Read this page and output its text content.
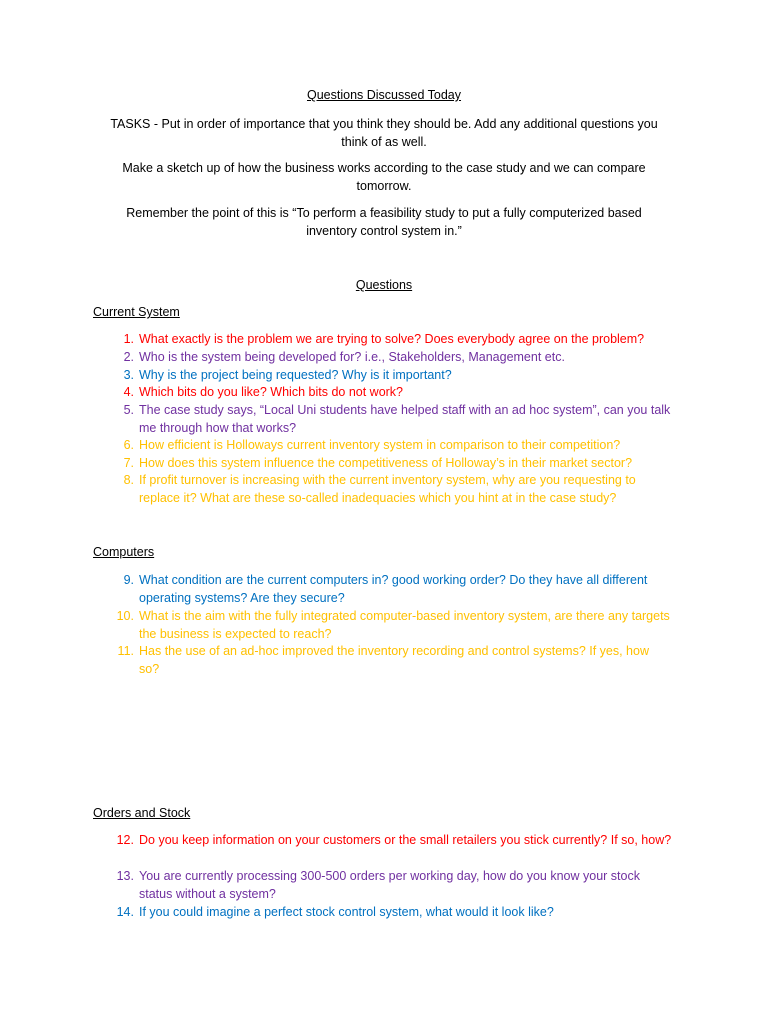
Questions Discussed Today
TASKS - Put in order of importance that you think they should be. Add any additional questions you think of as well.
Make a sketch up of how the business works according to the case study and we can compare tomorrow.
Remember the point of this is “To perform a feasibility study to put a fully computerized based inventory control system in.”
Questions
Current System
1. What exactly is the problem we are trying to solve? Does everybody agree on the problem?
2. Who is the system being developed for? i.e., Stakeholders, Management etc.
3. Why is the project being requested? Why is it important?
4. Which bits do you like? Which bits do not work?
5. The case study says, “Local Uni students have helped staff with an ad hoc system”, can you talk me through how that works?
6. How efficient is Holloways current inventory system in comparison to their competition?
7. How does this system influence the competitiveness of Holloway’s in their market sector?
8. If profit turnover is increasing with the current inventory system, why are you requesting to replace it? What are these so-called inadequacies which you hint at in the case study?
Computers
9. What condition are the current computers in? good working order? Do they have all different operating systems? Are they secure?
10. What is the aim with the fully integrated computer-based inventory system, are there any targets the business is expected to reach?
11. Has the use of an ad-hoc improved the inventory recording and control systems? If yes, how so?
Orders and Stock
12. Do you keep information on your customers or the small retailers you stick currently? If so, how?
13. You are currently processing 300-500 orders per working day, how do you know your stock status without a system?
14. If you could imagine a perfect stock control system, what would it look like?
